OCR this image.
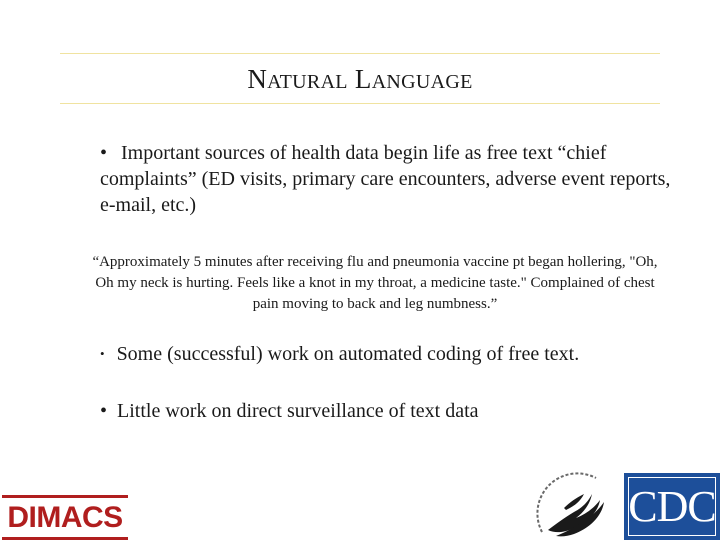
NATURAL LANGUAGE
• Important sources of health data begin life as free text “chief complaints” (ED visits, primary care encounters, adverse event reports, e-mail, etc.)
“Approximately 5 minutes after receiving flu and pneumonia vaccine pt began hollering, "Oh, Oh my neck is hurting. Feels like a knot in my throat, a medicine taste." Complained of chest pain moving to back and leg numbness.”
• Some (successful) work on automated coding of free text.
• Little work on direct surveillance of text data
DIMACS	CDC
